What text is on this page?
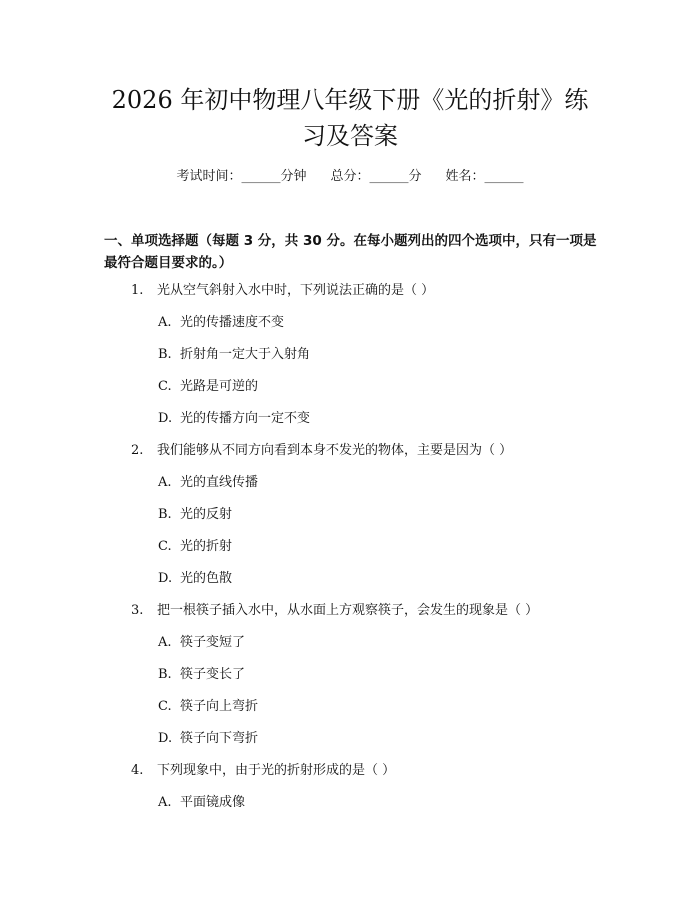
2026 年初中物理八年级下册《光的折射》练
习及答案
考试时间：______分钟 总分：______分 姓名：______
一、单项选择题（每题 3 分，共 30 分。在每小题列出的四个选项中，只有一项是最符合题目要求的。）
1. 光从空气斜射入水中时，下列说法正确的是（ ）
A. 光的传播速度不变
B. 折射角一定大于入射角
C. 光路是可逆的
D. 光的传播方向一定不变
2. 我们能够从不同方向看到本身不发光的物体，主要是因为（ ）
A. 光的直线传播
B. 光的反射
C. 光的折射
D. 光的色散
3. 把一根筷子插入水中，从水面上方观察筷子，会发生的现象是（ ）
A. 筷子变短了
B. 筷子变长了
C. 筷子向上弯折
D. 筷子向下弯折
4. 下列现象中，由于光的折射形成的是（ ）
A. 平面镜成像
